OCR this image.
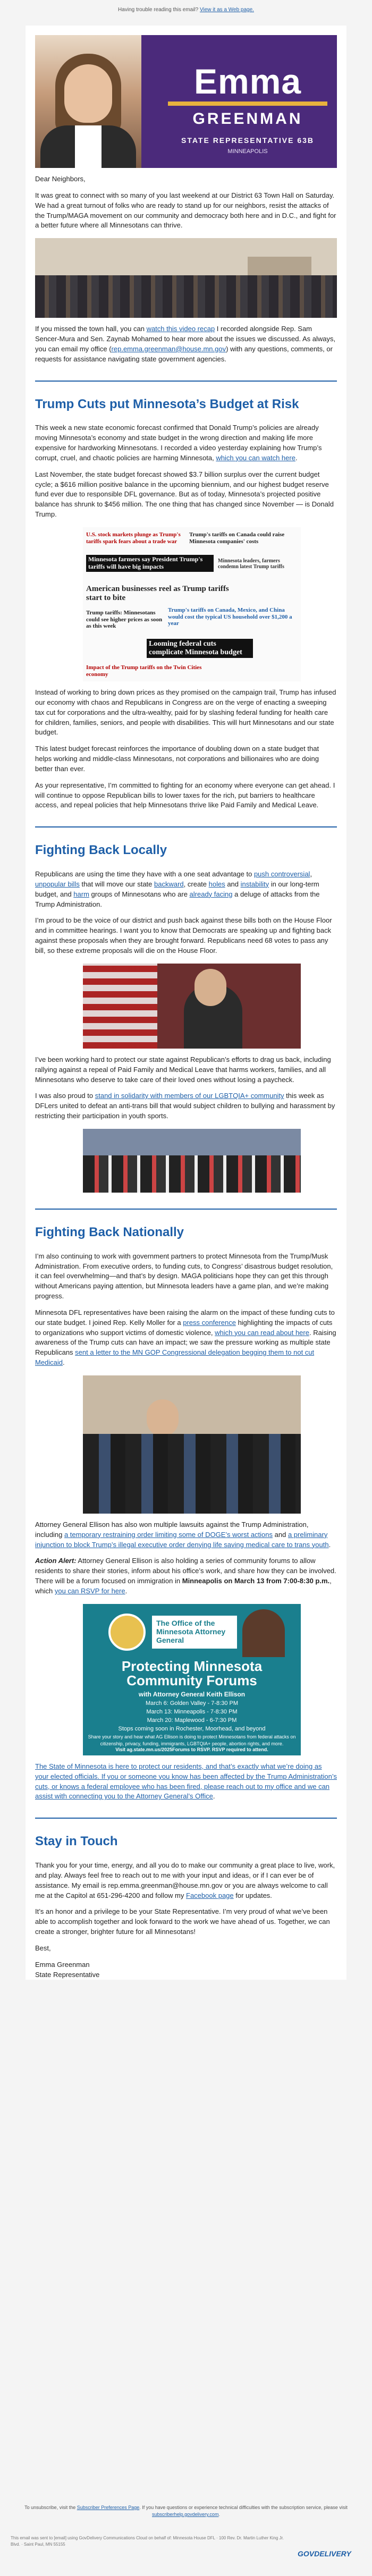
Having trouble reading this email? View it as a Web page.
Emma
GREENMAN
STATE REPRESENTATIVE 63B
MINNEAPOLIS

Dear Neighbors,

It was great to connect with so many of you last weekend at our District 63 Town Hall on Saturday. We had a great turnout of folks who are ready to stand up for our neighbors, resist the attacks of the Trump/MAGA movement on our community and democracy both here and in D.C., and fight for a better future where all Minnesotans can thrive.

If you missed the town hall, you can watch this video recap I recorded alongside Rep. Sam Sencer-Mura and Sen. Zaynab Mohamed to hear more about the issues we discussed. As always, you can email my office (rep.emma.greenman@house.mn.gov) with any questions, comments, or requests for assistance navigating state government agencies.

Trump Cuts put Minnesota’s Budget at Risk

This week a new state economic forecast confirmed that Donald Trump’s policies are already moving Minnesota’s economy and state budget in the wrong direction and making life more expensive for hardworking Minnesotans. I recorded a video yesterday explaining how Trump’s corrupt, cruel, and chaotic policies are harming Minnesota, which you can watch here.

Last November, the state budget forecast showed $3.7 billion surplus over the current budget cycle; a $616 million positive balance in the upcoming biennium, and our highest budget reserve fund ever due to responsible DFL governance. But as of today, Minnesota’s projected positive balance has shrunk to $456 million. The one thing that has changed since November — is Donald Trump.

U.S. stock markets plunge as Trump's tariffs spark fears about a trade war
Trump's tariffs on Canada could raise Minnesota companies' costs
Minnesota farmers say President Trump's tariffs will have big impacts
Minnesota leaders, farmers condemn latest Trump tariffs
American businesses reel as Trump tariffs start to bite
Trump's tariffs on Canada, Mexico, and China would cost the typical US household over $1,200 a year
Trump tariffs: Minnesotans could see higher prices as soon as this week
Looming federal cuts complicate Minnesota budget
Impact of the Trump tariffs on the Twin Cities economy

Instead of working to bring down prices as they promised on the campaign trail, Trump has infused our economy with chaos and Republicans in Congress are on the verge of enacting a sweeping tax cut for corporations and the ultra-wealthy, paid for by slashing federal funding for health care for children, families, seniors, and people with disabilities. This will hurt Minnesotans and our state budget.

This latest budget forecast reinforces the importance of doubling down on a state budget that helps working and middle-class Minnesotans, not corporations and billionaires who are doing better than ever.

As your representative, I’m committed to fighting for an economy where everyone can get ahead. I will continue to oppose Republican bills to lower taxes for the rich, put barriers to healthcare access, and repeal policies that help Minnesotans thrive like Paid Family and Medical Leave.

Fighting Back Locally

Republicans are using the time they have with a one seat advantage to push controversial, unpopular bills that will move our state backward, create holes and instability in our long-term budget, and harm groups of Minnesotans who are already facing a deluge of attacks from the Trump Administration.

I’m proud to be the voice of our district and push back against these bills both on the House Floor and in committee hearings. I want you to know that Democrats are speaking up and fighting back against these proposals when they are brought forward. Republicans need 68 votes to pass any bill, so these extreme proposals will die on the House Floor.

I’ve been working hard to protect our state against Republican’s efforts to drag us back, including rallying against a repeal of Paid Family and Medical Leave that harms workers, families, and all Minnesotans who deserve to take care of their loved ones without losing a paycheck.

I was also proud to stand in solidarity with members of our LGBTQIA+ community this week as DFLers united to defeat an anti-trans bill that would subject children to bullying and harassment by restricting their participation in youth sports.

Fighting Back Nationally

I’m also continuing to work with government partners to protect Minnesota from the Trump/Musk Administration. From executive orders, to funding cuts, to Congress’ disastrous budget resolution, it can feel overwhelming—and that’s by design. MAGA politicians hope they can get this through without Americans paying attention, but Minnesota leaders have a game plan, and we’re making progress.

Minnesota DFL representatives have been raising the alarm on the impact of these funding cuts to our state budget. I joined Rep. Kelly Moller for a press conference highlighting the impacts of cuts to organizations who support victims of domestic violence, which you can read about here. Raising awareness of the Trump cuts can have an impact; we saw the pressure working as multiple state Republicans sent a letter to the MN GOP Congressional delegation begging them to not cut Medicaid.

Attorney General Ellison has also won multiple lawsuits against the Trump Administration, including a temporary restraining order limiting some of DOGE’s worst actions and a preliminary injunction to block Trump’s illegal executive order denying life saving medical care to trans youth.

Action Alert: Attorney General Ellison is also holding a series of community forums to allow residents to share their stories, inform about his office’s work, and share how they can be involved. There will be a forum focused on immigration in Minneapolis on March 13 from 7:00-8:30 p.m., which you can RSVP for here.

The Office of the Minnesota Attorney General
Protecting Minnesota Community Forums
with Attorney General Keith Ellison
March 6: Golden Valley - 7-8:30 PM
March 13: Minneapolis - 7-8:30 PM
March 20: Maplewood - 6-7:30 PM
Stops coming soon in Rochester, Moorhead, and beyond
Share your story and hear what AG Ellison is doing to protect Minnesotans from federal attacks on citizenship, privacy, funding, immigrants, LGBTQIA+ people, abortion rights, and more.
Visit ag.state.mn.us/2025Forums to RSVP. RSVP required to attend.

The State of Minnesota is here to protect our residents, and that’s exactly what we’re doing as your elected officials. If you or someone you know has been affected by the Trump Administration’s cuts, or knows a federal employee who has been fired, please reach out to my office and we can assist with connecting you to the Attorney General’s Office.

Stay in Touch

Thank you for your time, energy, and all you do to make our community a great place to live, work, and play. Always feel free to reach out to me with your input and ideas, or if I can ever be of assistance. My email is rep.emma.greenman@house.mn.gov or you are always welcome to call me at the Capitol at 651-296-4200 and follow my Facebook page for updates.

It’s an honor and a privilege to be your State Representative. I’m very proud of what we’ve been able to accomplish together and look forward to the work we have ahead of us. Together, we can create a stronger, brighter future for all Minnesotans!

Best,

Emma Greenman
State Representative

To unsubscribe, visit the Subscriber Preferences Page. If you have questions or experience technical difficulties with the subscription service, please visit subscriberhelp.govdelivery.com.
This email was sent to [email] using GovDelivery Communications Cloud on behalf of: Minnesota House DFL · 100 Rev. Dr. Martin Luther King Jr. Blvd. · Saint Paul, MN 55155
GOVDELIVERY
